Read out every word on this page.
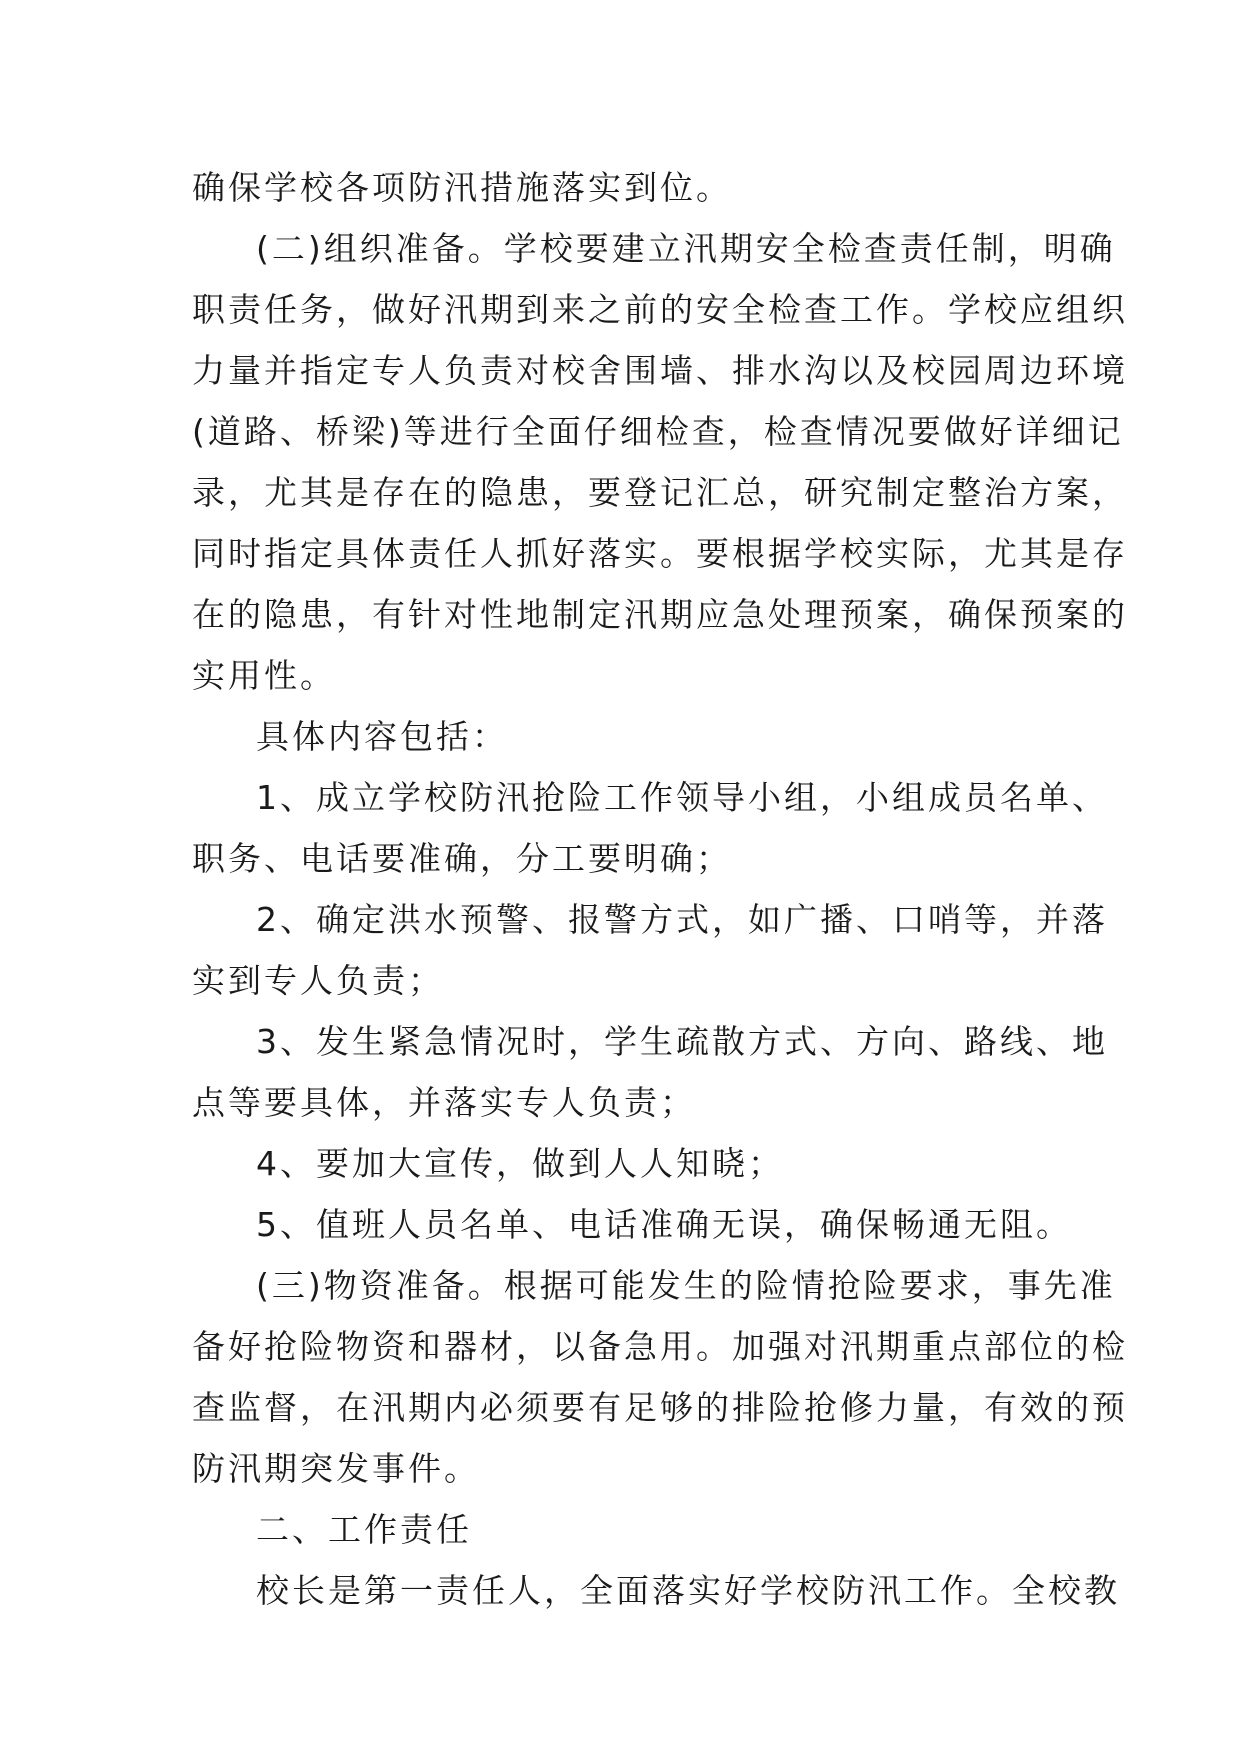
确保学校各项防汛措施落实到位。
(二)组织准备。学校要建立汛期安全检查责任制，明确
职责任务，做好汛期到来之前的安全检查工作。学校应组织
力量并指定专人负责对校舍围墙、排水沟以及校园周边环境
(道路、桥梁)等进行全面仔细检查，检查情况要做好详细记
录，尤其是存在的隐患，要登记汇总，研究制定整治方案，
同时指定具体责任人抓好落实。要根据学校实际，尤其是存
在的隐患，有针对性地制定汛期应急处理预案，确保预案的
实用性。
具体内容包括：
1、成立学校防汛抢险工作领导小组，小组成员名单、
职务、电话要准确，分工要明确；
2、确定洪水预警、报警方式，如广播、口哨等，并落
实到专人负责；
3、发生紧急情况时，学生疏散方式、方向、路线、地
点等要具体，并落实专人负责；
4、要加大宣传，做到人人知晓；
5、值班人员名单、电话准确无误，确保畅通无阻。
(三)物资准备。根据可能发生的险情抢险要求，事先准
备好抢险物资和器材，以备急用。加强对汛期重点部位的检
查监督，在汛期内必须要有足够的排险抢修力量，有效的预
防汛期突发事件。
二、工作责任
校长是第一责任人，全面落实好学校防汛工作。全校教
